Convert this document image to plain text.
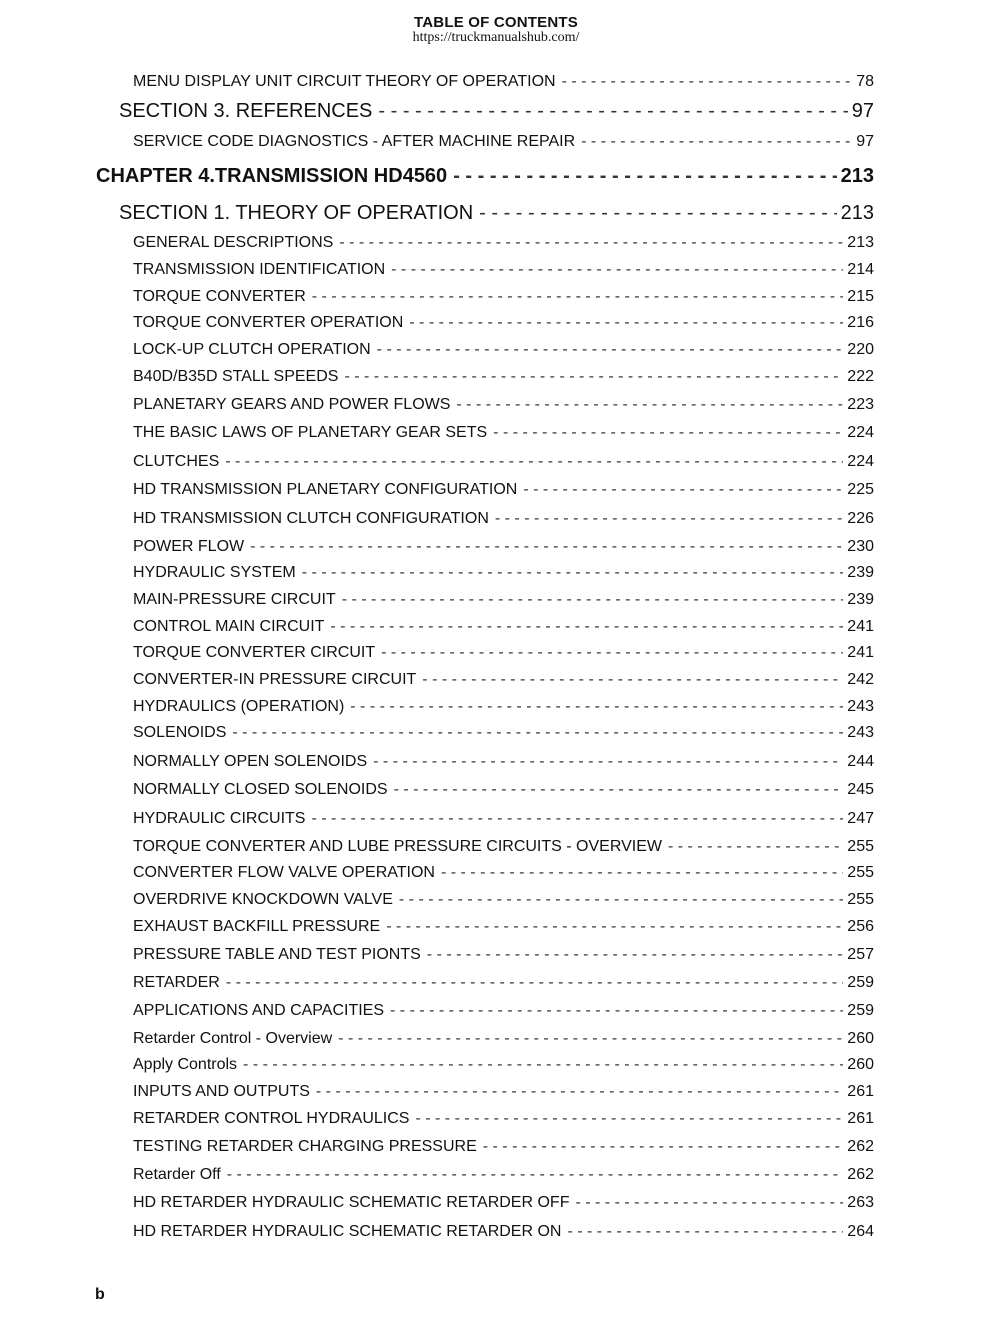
TABLE OF CONTENTS
https://truckmanualshub.com/
MENU DISPLAY UNIT CIRCUIT THEORY OF OPERATION - - -	78
SECTION 3. REFERENCES - - -	97
SERVICE CODE DIAGNOSTICS - AFTER MACHINE REPAIR - - -	97
CHAPTER 4.TRANSMISSION HD4560 - - -	213
SECTION 1. THEORY OF OPERATION - - -	213
GENERAL DESCRIPTIONS - - -	213
TRANSMISSION IDENTIFICATION - - -	214
TORQUE CONVERTER - - -	215
TORQUE CONVERTER OPERATION - - -	216
LOCK-UP CLUTCH OPERATION - - -	220
B40D/B35D STALL SPEEDS - - -	222
PLANETARY GEARS AND POWER FLOWS - - -	223
THE BASIC LAWS OF PLANETARY GEAR SETS - - -	224
CLUTCHES - - -	224
HD TRANSMISSION PLANETARY CONFIGURATION - - -	225
HD TRANSMISSION CLUTCH CONFIGURATION - - -	226
POWER FLOW - - -	230
HYDRAULIC SYSTEM - - -	239
MAIN-PRESSURE CIRCUIT - - -	239
CONTROL MAIN CIRCUIT - - -	241
TORQUE CONVERTER CIRCUIT - - -	241
CONVERTER-IN PRESSURE CIRCUIT - - -	242
HYDRAULICS (OPERATION) - - -	243
SOLENOIDS - - -	243
NORMALLY OPEN SOLENOIDS - - -	244
NORMALLY CLOSED SOLENOIDS - - -	245
HYDRAULIC CIRCUITS - - -	247
TORQUE CONVERTER AND LUBE PRESSURE CIRCUITS - OVERVIEW - - -	255
CONVERTER FLOW VALVE OPERATION - - -	255
OVERDRIVE KNOCKDOWN VALVE - - -	255
EXHAUST BACKFILL PRESSURE - - -	256
PRESSURE TABLE AND TEST PIONTS - - -	257
RETARDER - - -	259
APPLICATIONS AND CAPACITIES - - -	259
Retarder Control - Overview - - -	260
Apply Controls - - -	260
INPUTS AND OUTPUTS - - -	261
RETARDER CONTROL HYDRAULICS - - -	261
TESTING RETARDER CHARGING PRESSURE - - -	262
Retarder Off - - -	262
HD RETARDER HYDRAULIC SCHEMATIC RETARDER OFF - - -	263
HD RETARDER HYDRAULIC SCHEMATIC RETARDER ON - - -	264
b
